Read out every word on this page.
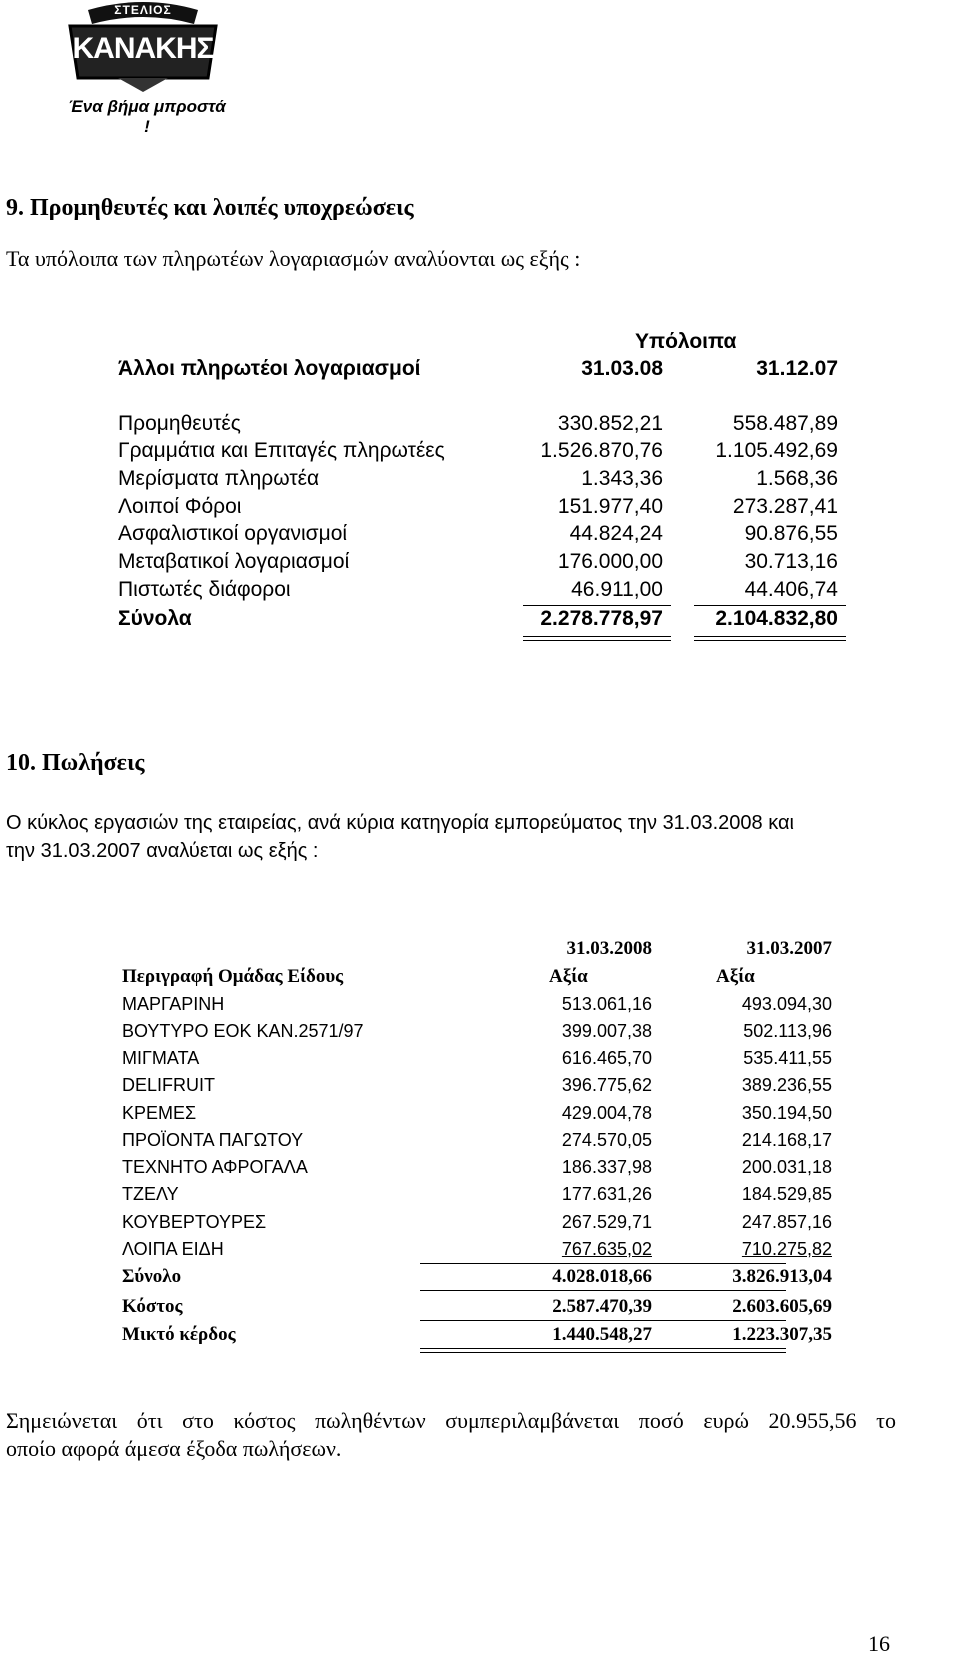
ΣΤΕΛΙΟΣ
ΚΑΝΑΚΗΣ
Ένα βήμα μπροστά !
9. Προμηθευτές και λοιπές υποχρεώσεις
Τα υπόλοιπα των πληρωτέων λογαριασμών αναλύονται ως εξής :
Υπόλοιπα
Άλλοι πληρωτέοι λογαριασμοί	31.03.08	31.12.07
Προμηθευτές	330.852,21	558.487,89
Γραμμάτια και Επιταγές πληρωτέες	1.526.870,76	1.105.492,69
Μερίσματα πληρωτέα	1.343,36	1.568,36
Λοιποί Φόροι	151.977,40	273.287,41
Ασφαλιστικοί οργανισμοί	44.824,24	90.876,55
Μεταβατικοί λογαριασμοί	176.000,00	30.713,16
Πιστωτές διάφοροι	46.911,00	44.406,74
Σύνολα	2.278.778,97	2.104.832,80
10. Πωλήσεις
Ο κύκλος εργασιών της εταιρείας, ανά κύρια κατηγορία εμπορεύματος την 31.03.2008 και
την 31.03.2007 αναλύεται ως εξής :
31.03.2008	31.03.2007
Περιγραφή Ομάδας Είδους	Αξία	Αξία
ΜΑΡΓΑΡΙΝΗ	513.061,16	493.094,30
ΒΟΥΤΥΡΟ ΕΟΚ ΚΑΝ.2571/97	399.007,38	502.113,96
ΜΙΓΜΑΤΑ	616.465,70	535.411,55
DELIFRUIT	396.775,62	389.236,55
ΚΡΕΜΕΣ	429.004,78	350.194,50
ΠΡΟΪΟΝΤΑ ΠΑΓΩΤΟΥ	274.570,05	214.168,17
ΤΕΧΝΗΤΟ ΑΦΡΟΓΑΛΑ	186.337,98	200.031,18
ΤΖΕΛΥ	177.631,26	184.529,85
ΚΟΥΒΕΡΤΟΥΡΕΣ	267.529,71	247.857,16
ΛΟΙΠΑ ΕΙΔΗ	767.635,02	710.275,82
Σύνολο	4.028.018,66	3.826.913,04
Κόστος	2.587.470,39	2.603.605,69
Μικτό κέρδος	1.440.548,27	1.223.307,35
Σημειώνεται ότι στο κόστος πωληθέντων συμπεριλαμβάνεται ποσό ευρώ 20.955,56 το
οποίο αφορά άμεσα έξοδα πωλήσεων.
16
